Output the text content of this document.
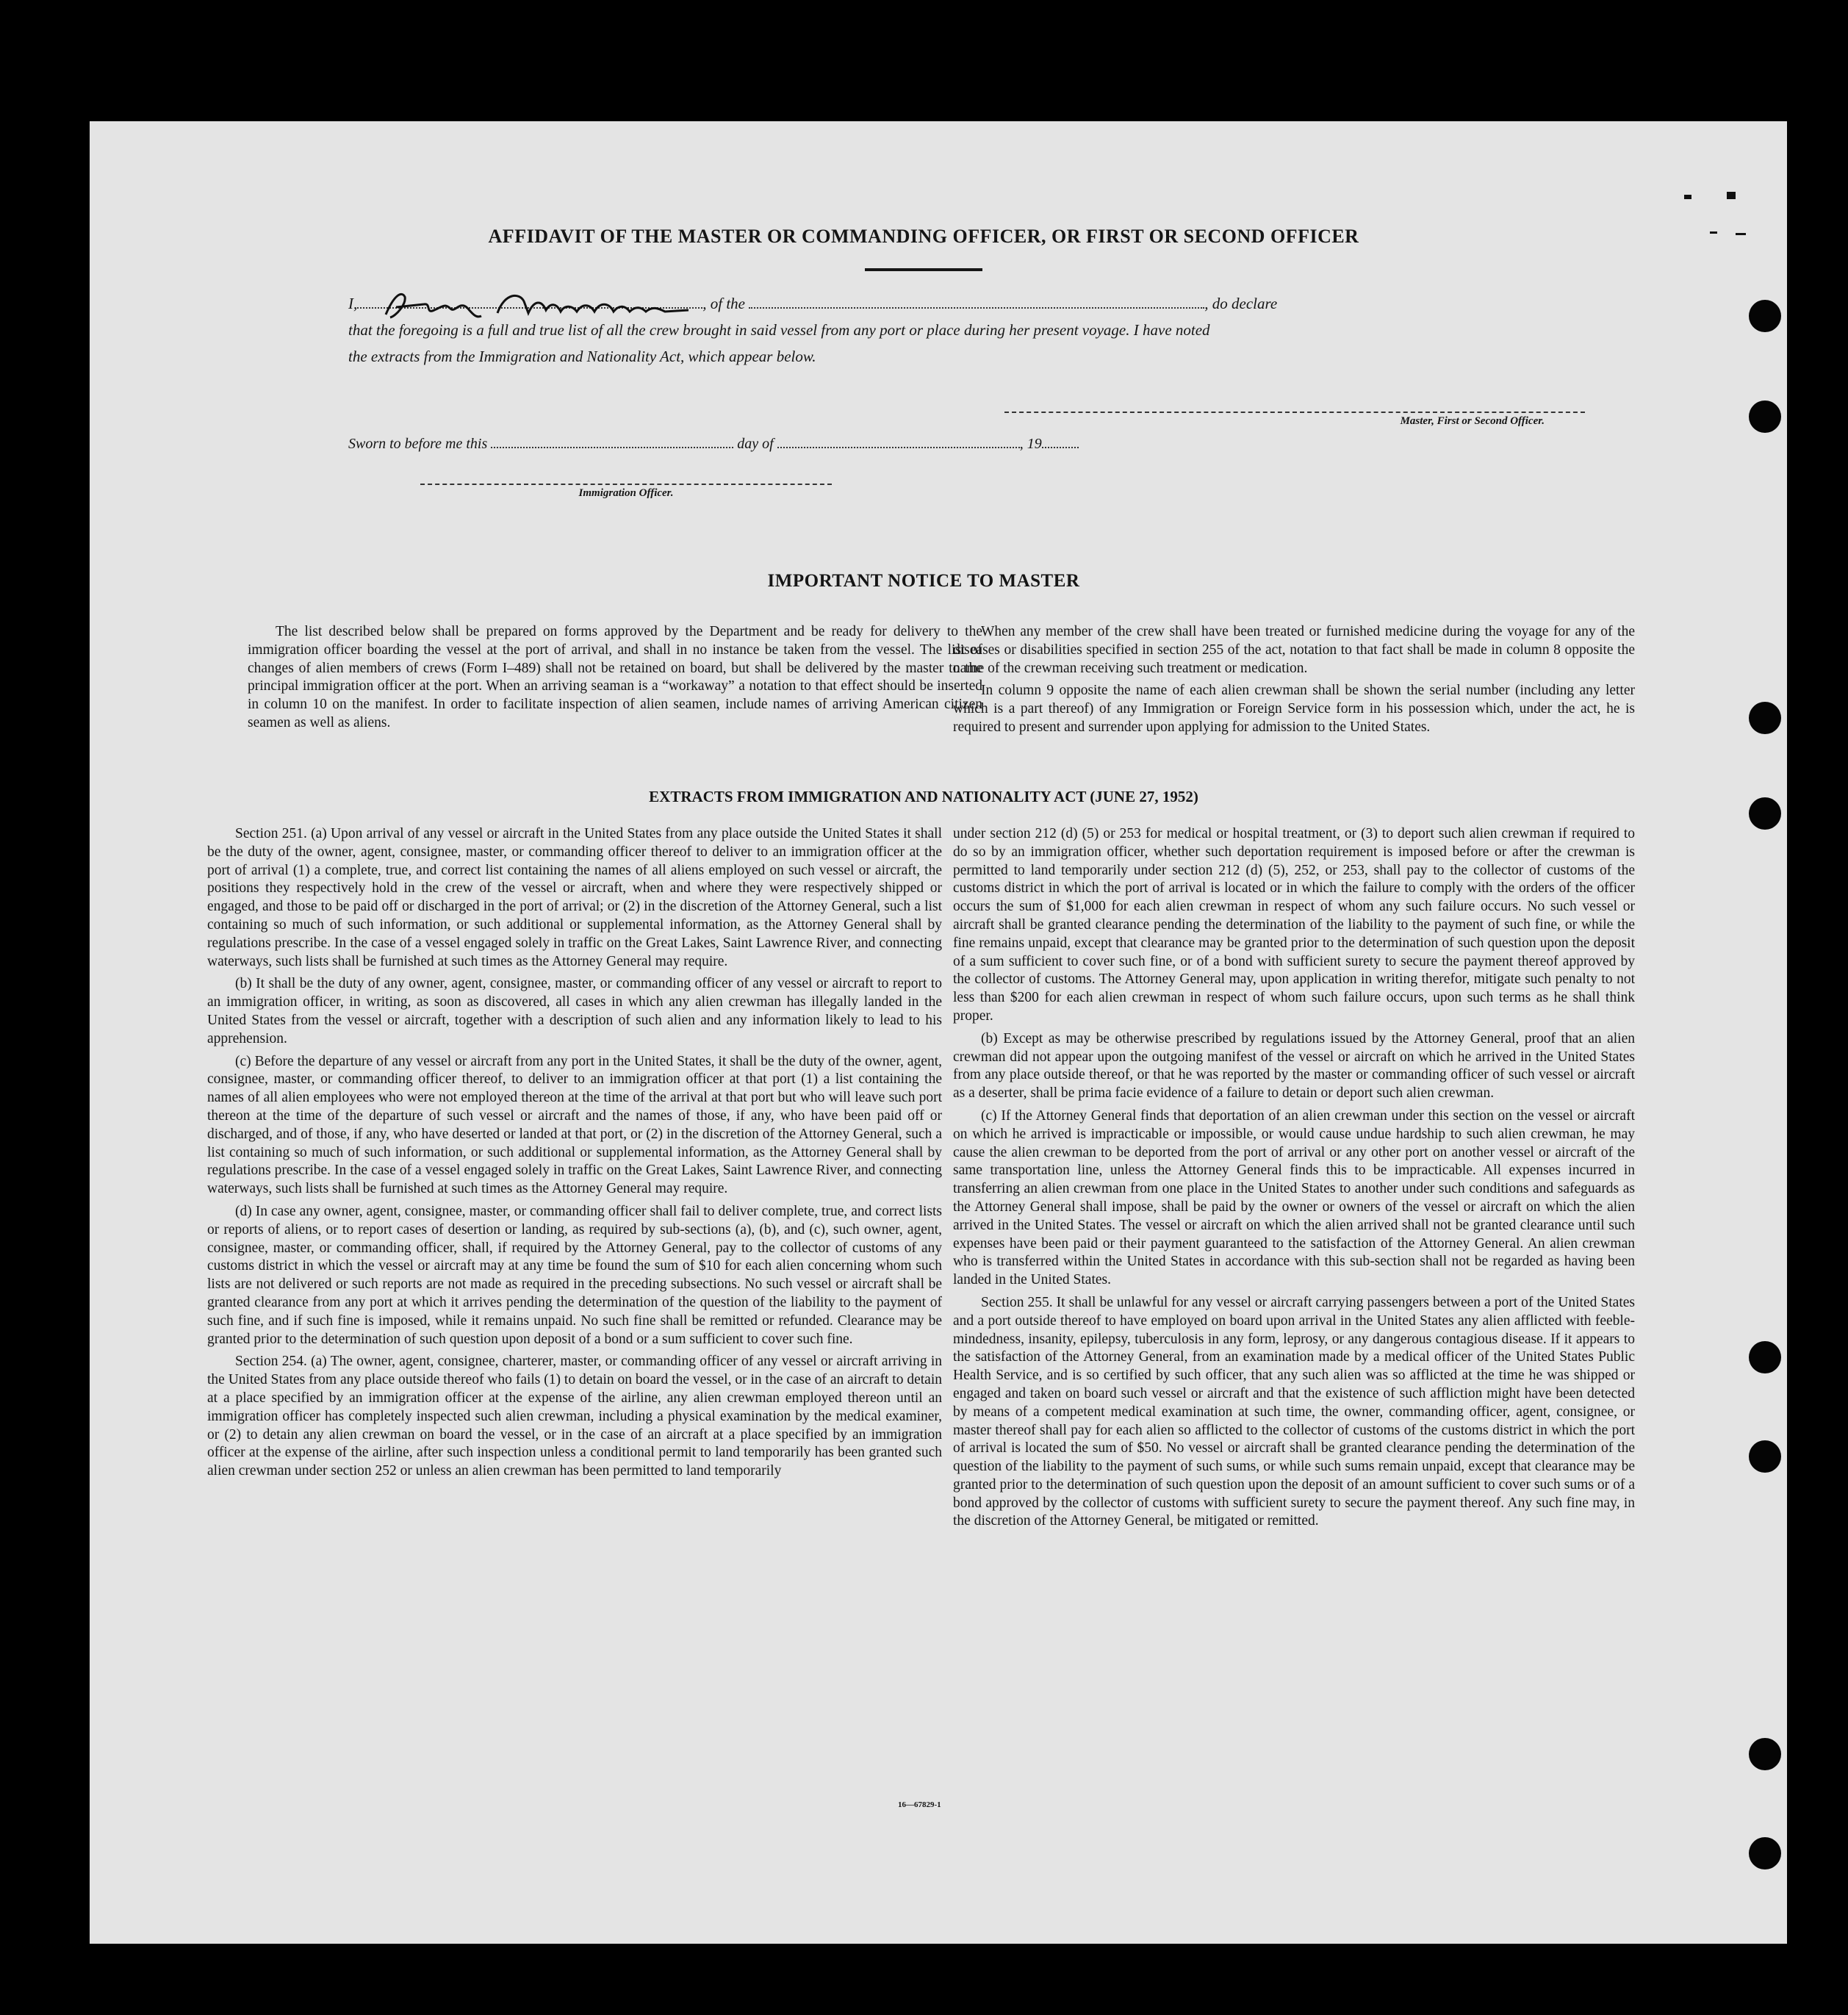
AFFIDAVIT OF THE MASTER OR COMMANDING OFFICER, OR FIRST OR SECOND OFFICER
I,	, of the	, do declare
that the foregoing is a full and true list of all the crew brought in said vessel from any port or place during her present voyage. I have noted
the extracts from the Immigration and Nationality Act, which appear below.
Master, First or Second Officer.
Sworn to before me this	day of	, 19
Immigration Officer.
IMPORTANT NOTICE TO MASTER

The list described below shall be prepared on forms approved by the Department and be ready for delivery to the immigration officer boarding the vessel at the port of arrival, and shall in no instance be taken from the vessel. The list of changes of alien members of crews (Form I–489) shall not be retained on board, but shall be delivered by the master to the principal immigration officer at the port. When an arriving seaman is a “workaway” a notation to that effect should be inserted in column 10 on the manifest. In order to facilitate inspection of alien seamen, include names of arriving American citizen seamen as well as aliens.

When any member of the crew shall have been treated or furnished medicine during the voyage for any of the diseases or disabilities specified in section 255 of the act, notation to that fact shall be made in column 8 opposite the name of the crewman receiving such treatment or medication.

In column 9 opposite the name of each alien crewman shall be shown the serial number (including any letter which is a part thereof) of any Immigration or Foreign Service form in his possession which, under the act, he is required to present and surrender upon applying for admission to the United States.

EXTRACTS FROM IMMIGRATION AND NATIONALITY ACT (JUNE 27, 1952)

Section 251. (a) Upon arrival of any vessel or aircraft in the United States from any place outside the United States it shall be the duty of the owner, agent, consignee, master, or commanding officer thereof to deliver to an immigration officer at the port of arrival (1) a complete, true, and correct list containing the names of all aliens employed on such vessel or aircraft, the positions they respectively hold in the crew of the vessel or aircraft, when and where they were respectively shipped or engaged, and those to be paid off or discharged in the port of arrival; or (2) in the discretion of the Attorney General, such a list containing so much of such information, or such additional or supplemental information, as the Attorney General shall by regulations prescribe. In the case of a vessel engaged solely in traffic on the Great Lakes, Saint Lawrence River, and connecting waterways, such lists shall be furnished at such times as the Attorney General may require.

(b) It shall be the duty of any owner, agent, consignee, master, or commanding officer of any vessel or aircraft to report to an immigration officer, in writing, as soon as discovered, all cases in which any alien crewman has illegally landed in the United States from the vessel or aircraft, together with a description of such alien and any information likely to lead to his apprehension.

(c) Before the departure of any vessel or aircraft from any port in the United States, it shall be the duty of the owner, agent, consignee, master, or commanding officer thereof, to deliver to an immigration officer at that port (1) a list containing the names of all alien employees who were not employed thereon at the time of the arrival at that port but who will leave such port thereon at the time of the departure of such vessel or aircraft and the names of those, if any, who have been paid off or discharged, and of those, if any, who have deserted or landed at that port, or (2) in the discretion of the Attorney General, such a list containing so much of such information, or such additional or supplemental information, as the Attorney General shall by regulations prescribe. In the case of a vessel engaged solely in traffic on the Great Lakes, Saint Lawrence River, and connecting waterways, such lists shall be furnished at such times as the Attorney General may require.

(d) In case any owner, agent, consignee, master, or commanding officer shall fail to deliver complete, true, and correct lists or reports of aliens, or to report cases of desertion or landing, as required by sub-sections (a), (b), and (c), such owner, agent, consignee, master, or commanding officer, shall, if required by the Attorney General, pay to the collector of customs of any customs district in which the vessel or aircraft may at any time be found the sum of $10 for each alien concerning whom such lists are not delivered or such reports are not made as required in the preceding subsections. No such vessel or aircraft shall be granted clearance from any port at which it arrives pending the determination of the question of the liability to the payment of such fine, and if such fine is imposed, while it remains unpaid. No such fine shall be remitted or refunded. Clearance may be granted prior to the determination of such question upon deposit of a bond or a sum sufficient to cover such fine.

Section 254. (a) The owner, agent, consignee, charterer, master, or commanding officer of any vessel or aircraft arriving in the United States from any place outside thereof who fails (1) to detain on board the vessel, or in the case of an aircraft to detain at a place specified by an immigration officer at the expense of the airline, any alien crewman employed thereon until an immigration officer has completely inspected such alien crewman, including a physical examination by the medical examiner, or (2) to detain any alien crewman on board the vessel, or in the case of an aircraft at a place specified by an immigration officer at the expense of the airline, after such inspection unless a conditional permit to land temporarily has been granted such alien crewman under section 252 or unless an alien crewman has been permitted to land temporarily

under section 212 (d) (5) or 253 for medical or hospital treatment, or (3) to deport such alien crewman if required to do so by an immigration officer, whether such deportation requirement is imposed before or after the crewman is permitted to land temporarily under section 212 (d) (5), 252, or 253, shall pay to the collector of customs of the customs district in which the port of arrival is located or in which the failure to comply with the orders of the officer occurs the sum of $1,000 for each alien crewman in respect of whom any such failure occurs. No such vessel or aircraft shall be granted clearance pending the determination of the liability to the payment of such fine, or while the fine remains unpaid, except that clearance may be granted prior to the determination of such question upon the deposit of a sum sufficient to cover such fine, or of a bond with sufficient surety to secure the payment thereof approved by the collector of customs. The Attorney General may, upon application in writing therefor, mitigate such penalty to not less than $200 for each alien crewman in respect of whom such failure occurs, upon such terms as he shall think proper.

(b) Except as may be otherwise prescribed by regulations issued by the Attorney General, proof that an alien crewman did not appear upon the outgoing manifest of the vessel or aircraft on which he arrived in the United States from any place outside thereof, or that he was reported by the master or commanding officer of such vessel or aircraft as a deserter, shall be prima facie evidence of a failure to detain or deport such alien crewman.

(c) If the Attorney General finds that deportation of an alien crewman under this section on the vessel or aircraft on which he arrived is impracticable or impossible, or would cause undue hardship to such alien crewman, he may cause the alien crewman to be deported from the port of arrival or any other port on another vessel or aircraft of the same transportation line, unless the Attorney General finds this to be impracticable. All expenses incurred in transferring an alien crewman from one place in the United States to another under such conditions and safeguards as the Attorney General shall impose, shall be paid by the owner or owners of the vessel or aircraft on which the alien arrived in the United States. The vessel or aircraft on which the alien arrived shall not be granted clearance until such expenses have been paid or their payment guaranteed to the satisfaction of the Attorney General. An alien crewman who is transferred within the United States in accordance with this sub-section shall not be regarded as having been landed in the United States.

Section 255. It shall be unlawful for any vessel or aircraft carrying passengers between a port of the United States and a port outside thereof to have employed on board upon arrival in the United States any alien afflicted with feeble-mindedness, insanity, epilepsy, tuberculosis in any form, leprosy, or any dangerous contagious disease. If it appears to the satisfaction of the Attorney General, from an examination made by a medical officer of the United States Public Health Service, and is so certified by such officer, that any such alien was so afflicted at the time he was shipped or engaged and taken on board such vessel or aircraft and that the existence of such affliction might have been detected by means of a competent medical examination at such time, the owner, commanding officer, agent, consignee, or master thereof shall pay for each alien so afflicted to the collector of customs of the customs district in which the port of arrival is located the sum of $50. No vessel or aircraft shall be granted clearance pending the determination of the question of the liability to the payment of such sums, or while such sums remain unpaid, except that clearance may be granted prior to the determination of such question upon the deposit of an amount sufficient to cover such sums or of a bond approved by the collector of customs with sufficient surety to secure the payment thereof. Any such fine may, in the discretion of the Attorney General, be mitigated or remitted.

16—67829-1
